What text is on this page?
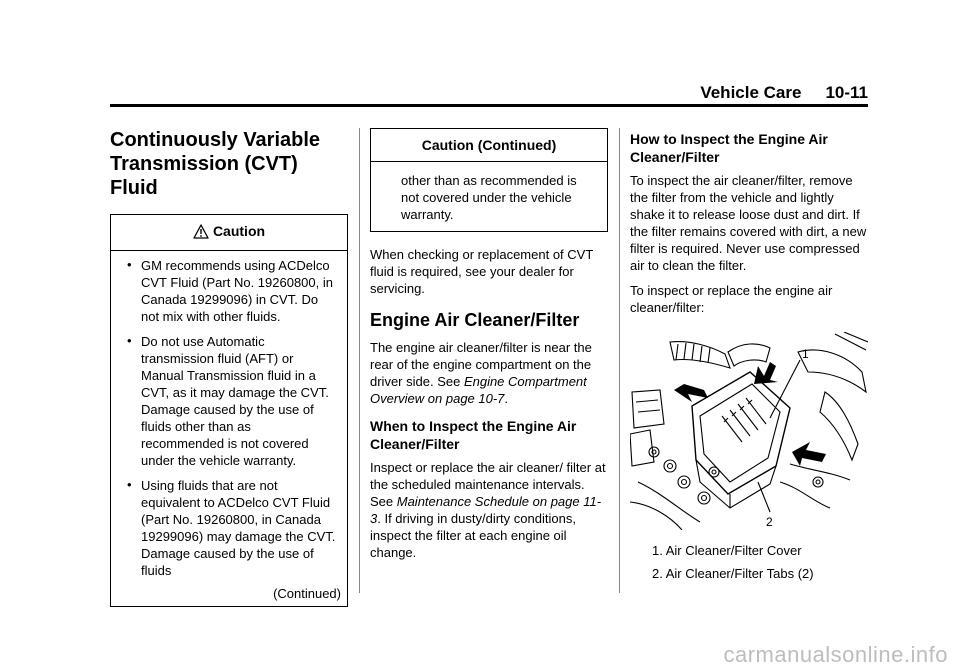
Vehicle Care 10-11
Continuously Variable
Transmission (CVT) Fluid
Caution
• GM recommends using ACDelco CVT Fluid (Part No. 19260800, in Canada 19299096) in CVT. Do not mix with other fluids.
• Do not use Automatic transmission fluid (AFT) or Manual Transmission fluid in a CVT, as it may damage the CVT. Damage caused by the use of fluids other than as recommended is not covered under the vehicle warranty.
• Using fluids that are not equivalent to ACDelco CVT Fluid (Part No. 19260800, in Canada 19299096) may damage the CVT. Damage caused by the use of fluids
(Continued)
Caution (Continued)
other than as recommended is not covered under the vehicle warranty.

When checking or replacement of CVT fluid is required, see your dealer for servicing.

Engine Air Cleaner/Filter

The engine air cleaner/filter is near the rear of the engine compartment on the driver side. See Engine Compartment Overview on page 10-7.

When to Inspect the Engine Air Cleaner/Filter

Inspect or replace the air cleaner/ filter at the scheduled maintenance intervals. See Maintenance Schedule on page 11-3. If driving in dusty/dirty conditions, inspect the filter at each engine oil change.

How to Inspect the Engine Air Cleaner/Filter

To inspect the air cleaner/filter, remove the filter from the vehicle and lightly shake it to release loose dust and dirt. If the filter remains covered with dirt, a new filter is required. Never use compressed air to clean the filter.

To inspect or replace the engine air cleaner/filter:

1
2
1. Air Cleaner/Filter Cover
2. Air Cleaner/Filter Tabs (2)
carmanualsonline.info
